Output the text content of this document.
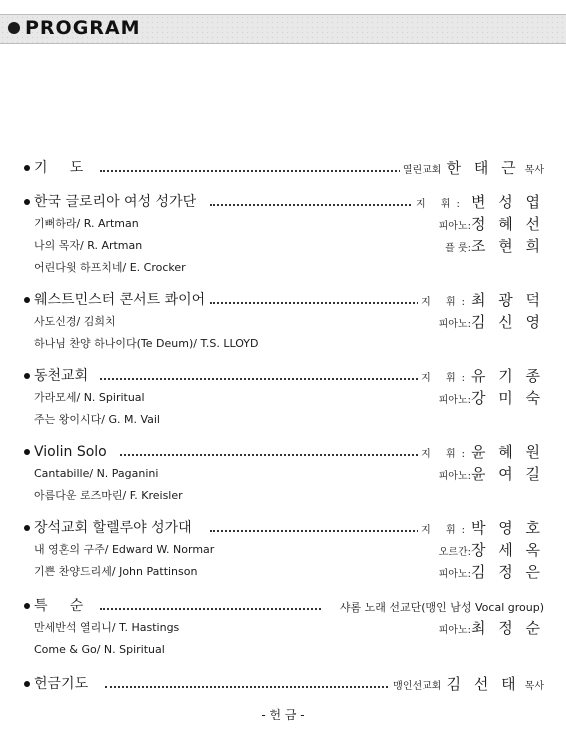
PROGRAM
기     도	열린교회 한 태 근 목사
한국 글로리아 여성 성가단	지 휘: 변 성 엽
기뻐하라/ R. Artman	피아노:정 혜 선
나의 목자/ R. Artman	플 룻:조 현 희
어린다윗 하프치네/ E. Crocker
웨스트민스터 콘서트 콰이어	지 휘:최 광 덕
사도신경/ 김희치	피아노:김 신 영
하나님 찬양 하나이다(Te Deum)/ T.S. LLOYD
동천교회	지 휘:유 기 종
가라모세/ N. Spiritual	피아노:강 미 숙
주는 왕이시다/ G. M. Vail
Violin Solo	지 휘:윤 혜 원
Cantabille/ N. Paganini	피아노:윤 여 길
아름다운 로즈마린/ F. Kreisler
장석교회 할렐루야 성가대	지 휘:박 영 호
내 영혼의 구주/ Edward W. Normar	오르간:장 세 옥
기쁜 찬양드리세/ John Pattinson	피아노:김 정 은
특     순	샤롬 노래 선교단(맹인 남성 Vocal group)
만세반석 열리니/ T. Hastings	피아노:최 정 순
Come & Go/ N. Spiritual
헌금기도	맹인선교회 김 선 태 목사
- 헌 금 -
